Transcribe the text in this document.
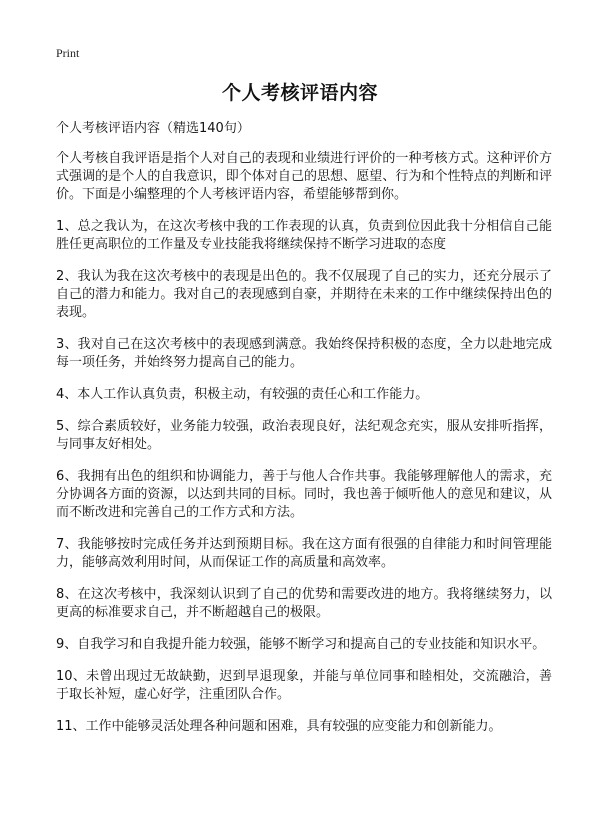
Print
个人考核评语内容

个人考核评语内容（精选140句）

个人考核自我评语是指个人对自己的表现和业绩进行评价的一种考核方式。这种评价方式强调的是个人的自我意识，即个体对自己的思想、愿望、行为和个性特点的判断和评价。下面是小编整理的个人考核评语内容，希望能够帮到你。

1、总之我认为，在这次考核中我的工作表现的认真，负责到位因此我十分相信自己能胜任更高职位的工作量及专业技能我将继续保持不断学习进取的态度

2、我认为我在这次考核中的表现是出色的。我不仅展现了自己的实力，还充分展示了自己的潜力和能力。我对自己的表现感到自豪，并期待在未来的工作中继续保持出色的表现。

3、我对自己在这次考核中的表现感到满意。我始终保持积极的态度，全力以赴地完成每一项任务，并始终努力提高自己的能力。

4、本人工作认真负责，积极主动，有较强的责任心和工作能力。

5、综合素质较好，业务能力较强，政治表现良好，法纪观念充实，服从安排听指挥，与同事友好相处。

6、我拥有出色的组织和协调能力，善于与他人合作共事。我能够理解他人的需求，充分协调各方面的资源，以达到共同的目标。同时，我也善于倾听他人的意见和建议，从而不断改进和完善自己的工作方式和方法。

7、我能够按时完成任务并达到预期目标。我在这方面有很强的自律能力和时间管理能力，能够高效利用时间，从而保证工作的高质量和高效率。

8、在这次考核中，我深刻认识到了自己的优势和需要改进的地方。我将继续努力，以更高的标准要求自己，并不断超越自己的极限。

9、自我学习和自我提升能力较强，能够不断学习和提高自己的专业技能和知识水平。

10、未曾出现过无故缺勤，迟到早退现象，并能与单位同事和睦相处，交流融洽，善于取长补短，虚心好学，注重团队合作。

11、工作中能够灵活处理各种问题和困难，具有较强的应变能力和创新能力。
